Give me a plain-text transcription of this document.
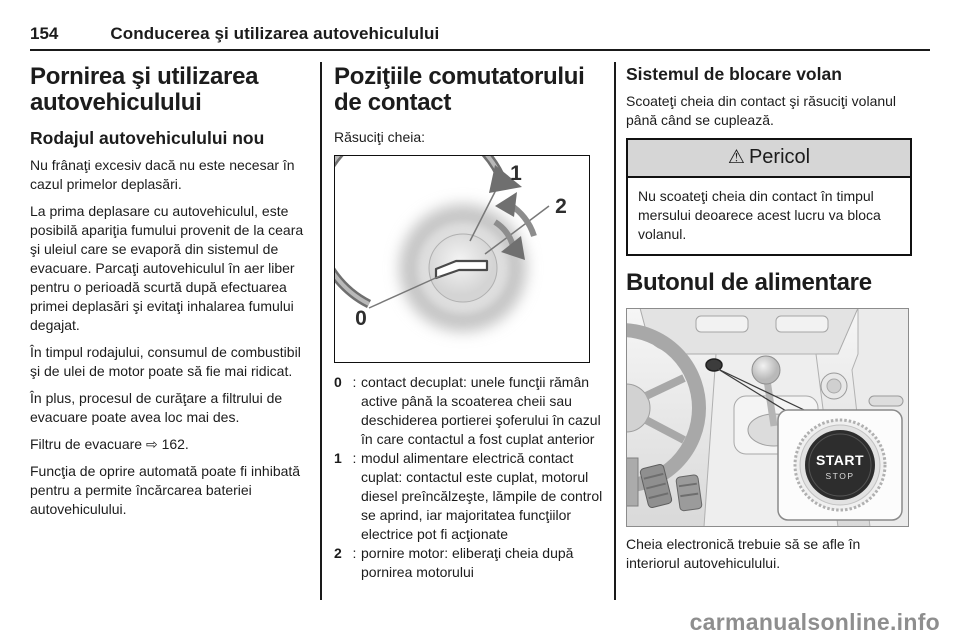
154	Conducerea şi utilizarea autovehiculului
Pornirea şi utilizarea autovehiculului
Rodajul autovehiculului nou

Nu frânaţi excesiv dacă nu este necesar în cazul primelor deplasări.

La prima deplasare cu autovehiculul, este posibilă apariţia fumului provenit de la ceara şi uleiul care se evaporă din sistemul de evacuare. Parcaţi autovehiculul în aer liber pentru o perioadă scurtă după efectuarea primei deplasări şi evitaţi inhalarea fumului degajat.

În timpul rodajului, consumul de combustibil şi de ulei de motor poate să fie mai ridicat.

În plus, procesul de curăţare a filtrului de evacuare poate avea loc mai des.

Filtru de evacuare ⇨ 162.

Funcţia de oprire automată poate fi inhibată pentru a permite încărcarea bateriei autovehiculului.

Poziţiile comutatorului de contact

Răsuciţi cheia:

1
2
0
0 : contact decuplat: unele funcţii rămân active până la scoaterea cheii sau deschiderea portierei şoferului în cazul în care contactul a fost cuplat anterior
1 : modul alimentare electrică contact cuplat: contactul este cuplat, motorul diesel preîncălzeşte, lămpile de control se aprind, iar majoritatea funcţiilor electrice pot fi acţionate
2 : pornire motor: eliberaţi cheia după pornirea motorului
Sistemul de blocare volan

Scoateţi cheia din contact şi răsuciţi volanul până când se cuplează.

⚠ Pericol
Nu scoateţi cheia din contact în timpul mersului deoarece acest lucru va bloca volanul.
Butonul de alimentare
START
STOP

Cheia electronică trebuie să se afle în interiorul autovehiculului.

carmanualsonline.info
